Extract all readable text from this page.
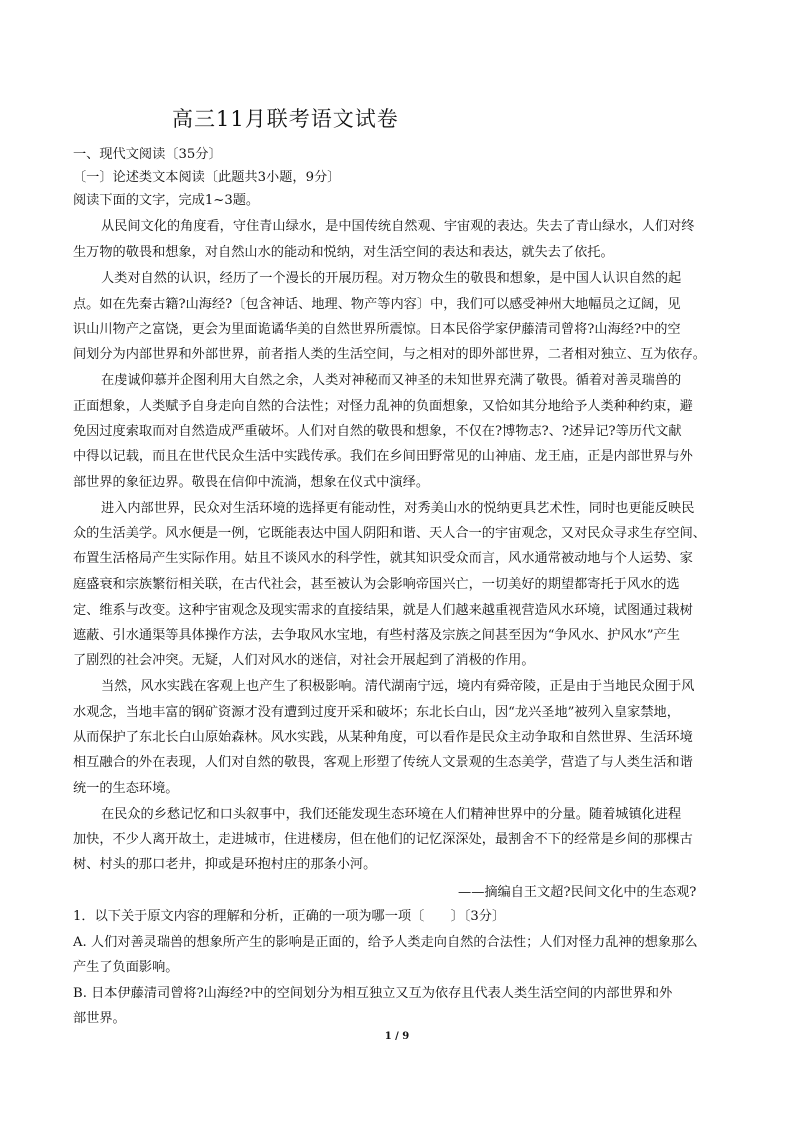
高三11月联考语文试卷
一、现代文阅读〔35分〕
〔一〕论述类文本阅读〔此题共3小题，9分〕
阅读下面的文字，完成1~3题。
从民间文化的角度看，守住青山绿水，是中国传统自然观、宇宙观的表达。失去了青山绿水，人们对终
生万物的敬畏和想象，对自然山水的能动和悦纳，对生活空间的表达和表达，就失去了依托。
人类对自然的认识，经历了一个漫长的开展历程。对万物众生的敬畏和想象，是中国人认识自然的起
点。如在先秦古籍?山海经?〔包含神话、地理、物产等内容〕中，我们可以感受神州大地幅员之辽阔，见
识山川物产之富饶，更会为里面诡谲华美的自然世界所震惊。日本民俗学家伊藤清司曾将?山海经?中的空
间划分为内部世界和外部世界，前者指人类的生活空间，与之相对的即外部世界，二者相对独立、互为依存。
在虔诚仰慕并企图利用大自然之余，人类对神秘而又神圣的未知世界充满了敬畏。循着对善灵瑞兽的
正面想象，人类赋予自身走向自然的合法性；对怪力乱神的负面想象，又恰如其分地给予人类种种约束，避
免因过度索取而对自然造成严重破坏。人们对自然的敬畏和想象，不仅在?博物志?、?述异记?等历代文献
中得以记载，而且在世代民众生活中实践传承。我们在乡间田野常见的山神庙、龙王庙，正是内部世界与外
部世界的象征边界。敬畏在信仰中流淌，想象在仪式中演绎。
进入内部世界，民众对生活环境的选择更有能动性，对秀美山水的悦纳更具艺术性，同时也更能反映民
众的生活美学。风水便是一例，它既能表达中国人阴阳和谐、天人合一的宇宙观念，又对民众寻求生存空间、
布置生活格局产生实际作用。姑且不谈风水的科学性，就其知识受众而言，风水通常被动地与个人运势、家
庭盛衰和宗族繁衍相关联，在古代社会，甚至被认为会影响帝国兴亡，一切美好的期望都寄托于风水的选
定、维系与改变。这种宇宙观念及现实需求的直接结果，就是人们越来越重视营造风水环境，试图通过栽树
遮蔽、引水通渠等具体操作方法，去争取风水宝地，有些村落及宗族之间甚至因为“争风水、护风水”产生
了剧烈的社会冲突。无疑，人们对风水的迷信，对社会开展起到了消极的作用。
当然，风水实践在客观上也产生了积极影响。清代湖南宁远，境内有舜帝陵，正是由于当地民众囿于风
水观念，当地丰富的钢矿资源才没有遭到过度开采和破坏；东北长白山，因“龙兴圣地”被列入皇家禁地，
从而保护了东北长白山原始森林。风水实践，从某种角度，可以看作是民众主动争取和自然世界、生活环境
相互融合的外在表现，人们对自然的敬畏，客观上形塑了传统人文景观的生态美学，营造了与人类生活和谐
统一的生态环境。
在民众的乡愁记忆和口头叙事中，我们还能发现生态环境在人们精神世界中的分量。随着城镇化进程
加快，不少人离开故土，走进城市，住进楼房，但在他们的记忆深深处，最割舍不下的经常是乡间的那棵古
树、村头的那口老井，抑或是环抱村庄的那条小河。
——摘编自王文超?民间文化中的生态观?
1．以下关于原文内容的理解和分析，正确的一项为哪一项〔　　〕〔3分〕
A. 人们对善灵瑞兽的想象所产生的影响是正面的，给予人类走向自然的合法性；人们对怪力乱神的想象那么
产生了负面影响。
B. 日本伊藤清司曾将?山海经?中的空间划分为相互独立又互为依存且代表人类生活空间的内部世界和外
部世界。
1 / 9
